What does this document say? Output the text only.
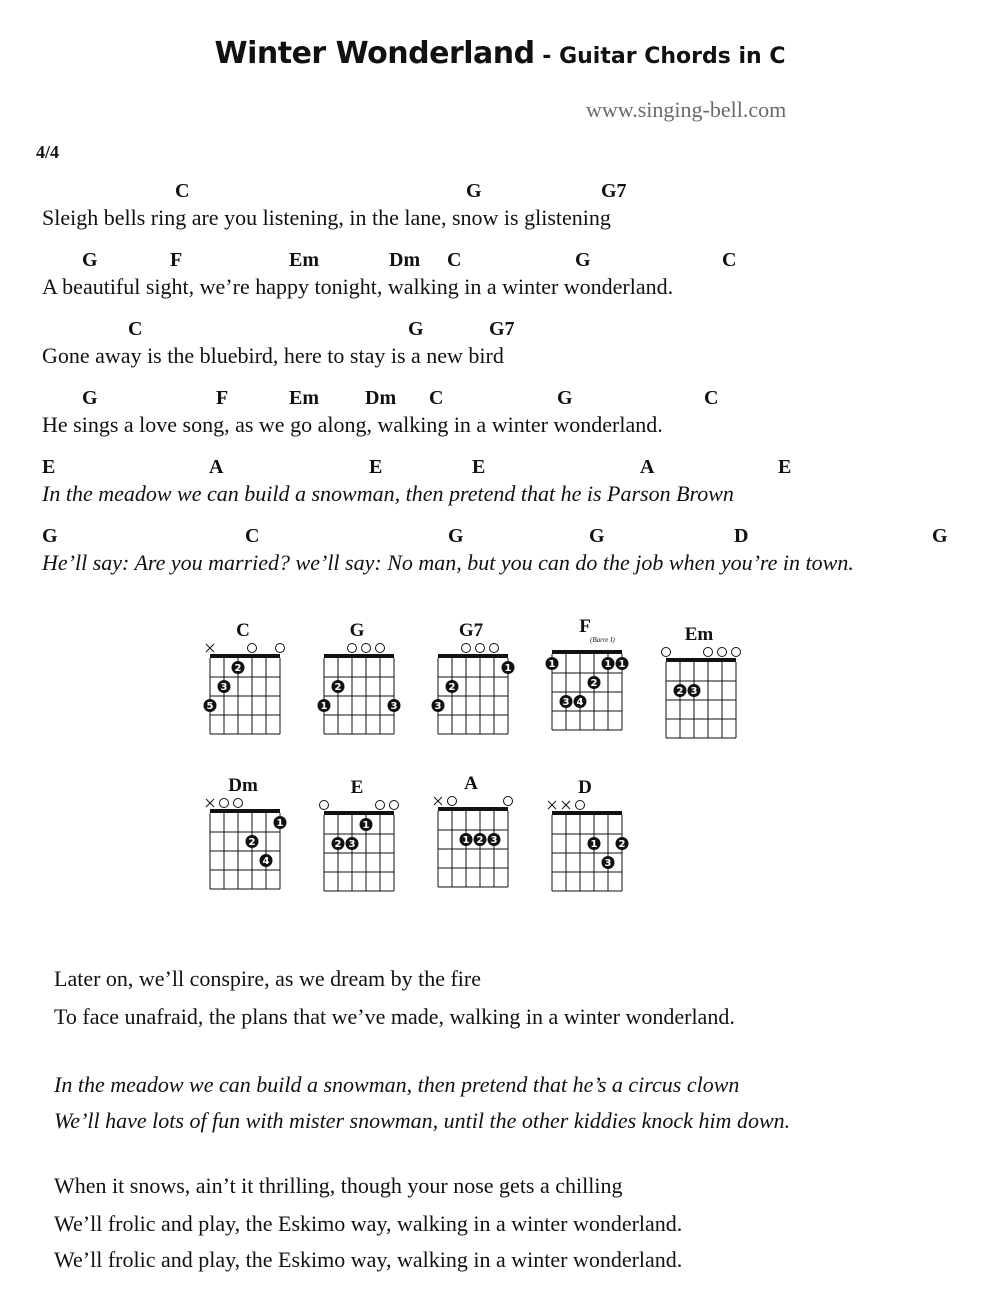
Winter Wonderland - Guitar Chords in C
www.singing-bell.com
4/4
C	G	G7
Sleigh bells ring are you listening, in the lane, snow is glistening
G	F	Em	Dm C	G	C
A beautiful sight, we’re happy tonight, walking in a winter wonderland.
C	G	G7
Gone away is the bluebird, here to stay is a new bird
G	F	Em Dm C	G	C
He sings a love song, as we go along, walking in a winter wonderland.
E	A	E	E	A	E
In the meadow we can build a snowman, then pretend that he is Parson Brown
G	C	G	G	D	G
He’ll say: Are you married? we’ll say: No man, but you can do the job when you’re in town.
2
3
5
C
2
1	3
G
1
2
3
G7
1	1 1
2
3 4
F
(Barre I)
2 3
Em
1
2
4
Dm
1
2 3
E
1 2 3
A
1 2
3
D
Later on, we’ll conspire, as we dream by the fire
To face unafraid, the plans that we’ve made, walking in a winter wonderland.
In the meadow we can build a snowman, then pretend that he’s a circus clown
We’ll have lots of fun with mister snowman, until the other kiddies knock him down.
When it snows, ain’t it thrilling, though your nose gets a chilling
We’ll frolic and play, the Eskimo way, walking in a winter wonderland.
We’ll frolic and play, the Eskimo way, walking in a winter wonderland.
